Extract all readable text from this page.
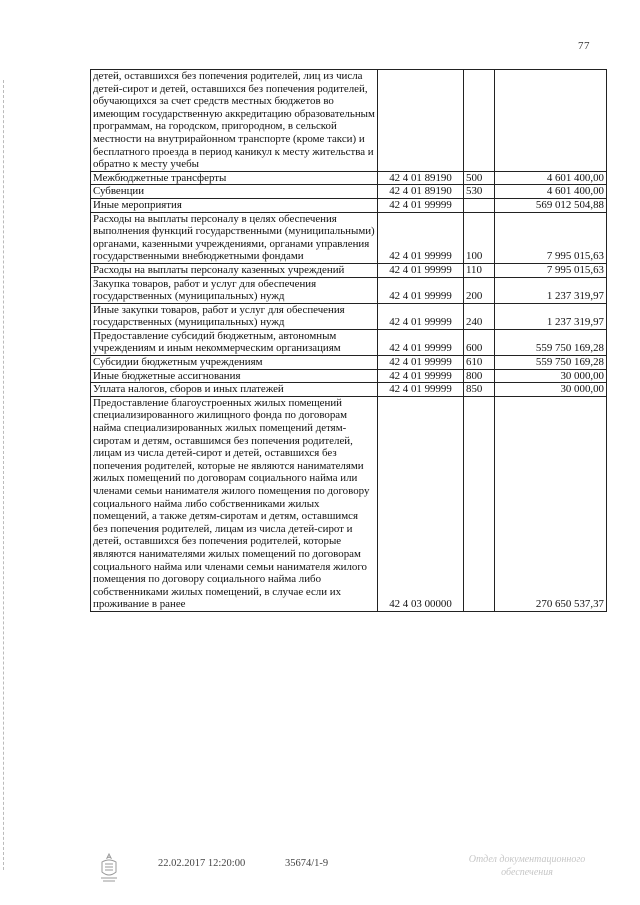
77
детей, оставшихся без попечения родителей, лиц из числа детей-сирот и детей, оставшихся без попечения родителей, обучающихся за счет средств местных бюджетов во имеющим государственную аккредитацию образовательным программам, на городском, пригородном, в сельской местности на внутрирайонном транспорте (кроме такси) и бесплатного проезда в период каникул к месту жительства и обратно к месту учебы			
Межбюджетные трансферты	42 4 01 89190	500	4 601 400,00
Субвенции	42 4 01 89190	530	4 601 400,00
Иные мероприятия	42 4 01 99999		569 012 504,88
Расходы на выплаты персоналу в целях обеспечения выполнения функций государственными (муниципальными) органами, казенными учреждениями, органами управления государственными внебюджетными фондами	42 4 01 99999	100	7 995 015,63
Расходы на выплаты персоналу казенных учреждений	42 4 01 99999	110	7 995 015,63
Закупка товаров, работ и услуг для обеспечения государственных (муниципальных) нужд	42 4 01 99999	200	1 237 319,97
Иные закупки товаров, работ и услуг для обеспечения государственных (муниципальных) нужд	42 4 01 99999	240	1 237 319,97
Предоставление субсидий бюджетным, автономным учреждениям и иным некоммерческим организациям	42 4 01 99999	600	559 750 169,28
Субсидии бюджетным учреждениям	42 4 01 99999	610	559 750 169,28
Иные бюджетные ассигнования	42 4 01 99999	800	30 000,00
Уплата налогов, сборов и иных платежей	42 4 01 99999	850	30 000,00
Предоставление благоустроенных жилых помещений специализированного жилищного фонда по договорам найма специализированных жилых помещений детям-сиротам и детям, оставшимся без попечения родителей, лицам из числа детей-сирот и детей, оставшихся без попечения родителей, которые не являются нанимателями жилых помещений по договорам социального найма или членами семьи нанимателя жилого помещения по договору социального найма либо собственниками жилых помещений, а также детям-сиротам и детям, оставшимся без попечения родителей, лицам из числа детей-сирот и детей, оставшихся без попечения родителей, которые являются нанимателями жилых помещений по договорам социального найма или членами семьи нанимателя жилого помещения по договору социального найма либо собственниками жилых помещений, в случае если их проживание в ранее	42 4 03 00000		270 650 537,37
22.02.2017 12:20:00	35674/1-9	Отдел документационного
обеспечения
